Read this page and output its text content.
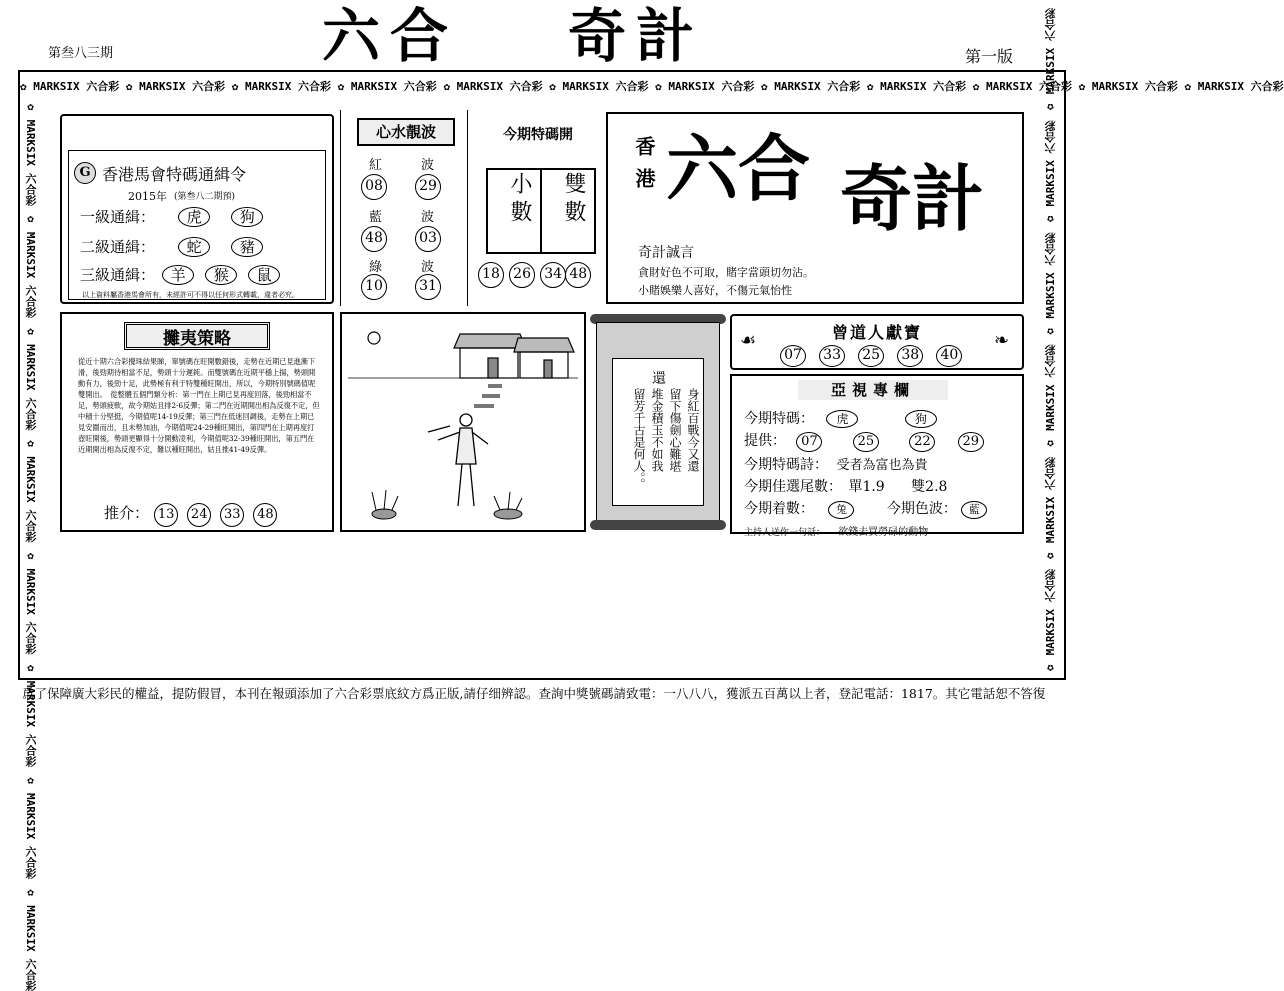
第叁八三期	六合 奇計	第一版
✿ MARKSIX 六合彩 ✿ MARKSIX 六合彩 ✿ MARKSIX 六合彩 ✿ MARKSIX 六合彩 ✿ MARKSIX 六合彩 ✿ MARKSIX 六合彩 ✿ MARKSIX 六合彩 ✿ MARKSIX 六合彩 ✿ MARKSIX 六合彩 ✿ MARKSIX 六合彩 ✿ MARKSIX 六合彩 ✿ MARKSIX 六合彩
✿ MARKSIX 六合彩 ✿ MARKSIX 六合彩 ✿ MARKSIX 六合彩 ✿ MARKSIX 六合彩 ✿ MARKSIX 六合彩 ✿ MARKSIX 六合彩 ✿ MARKSIX 六合彩 ✿ MARKSIX 六合彩
✿ MARKSIX 六合彩 ✿ MARKSIX 六合彩 ✿ MARKSIX 六合彩 ✿ MARKSIX 六合彩 ✿ MARKSIX 六合彩 ✿ MARKSIX 六合彩
G 香港馬會特碼通緝令
2015年 (第叁八二期預)
一級通緝： 虎	狗
二級通緝： 蛇	豬
三級通緝： 羊 猴 鼠
以上資料屬香港馬會所有，未經許可不得以任何形式轉載，違者必究。
心水靚波
紅	波
08	29
藍	波
48	03
綠	波
10	31
今期特碼開
小數 雙數
18 26 34 48
香港 六合 奇計
奇計誠言
貪財好色不可取，賭字當頭切勿沾。
小賭娛樂人喜好，不傷元氣怡性
攤夷策略
從近十期六合彩攪珠結果睇，單號碼在旺開數錯後，走勢在近期已見進漸下滑，後勁期待相當不足，勢頭十分遲鈍。而雙號碼在近期平穩上揚，勢頭開動有力，後勁十足，此勢極有利于特雙種旺開出，所以，今期特別號碼值呢雙開出。　從整體五個門類分析：第一門在上期已見再度回落，後勁相當不足，勢頭疲軟，故今期姑且排2-6反彈；第二門在近期開出相為反復不定，但中積十分堅挺，今期值呢14-19反彈；第三門在低迷回調後，走勢在上期已見安圍而出，且未勢加油，今期值呢24-29種旺開出，第四門在上期再度打壺旺開後，勢頭更顯得十分開動凌利，今期值呢32-39種旺開出，第五門在近期開出相為反復不定，難以種旺開出，姑且推41-49反彈。
推介： 13 24 33 48
還
身紅百戰今又還
留下傷劍心難堪
堆金積玉不如我
留芳千古是何人。。
☙	曾道人獻寶	❧
07 33 25 38 40
亞視專欄
今期特碼： 虎	狗
提供： 07	25	22 29
今期特碼詩： 受者為富也為貴
今期佳選尾數： 單1.9 雙2.8
今期着數： 兔	今期色波： 藍
主持人送你一句話： 欲錢去買勞碌的動物
爲了保障廣大彩民的權益，提防假冒，本刊在報頭添加了六合彩票底紋方爲正版,請仔细辨認。查詢中獎號碼請致電：一八八八，獲派五百萬以上者，登記電話：1817。其它電話恕不答復
